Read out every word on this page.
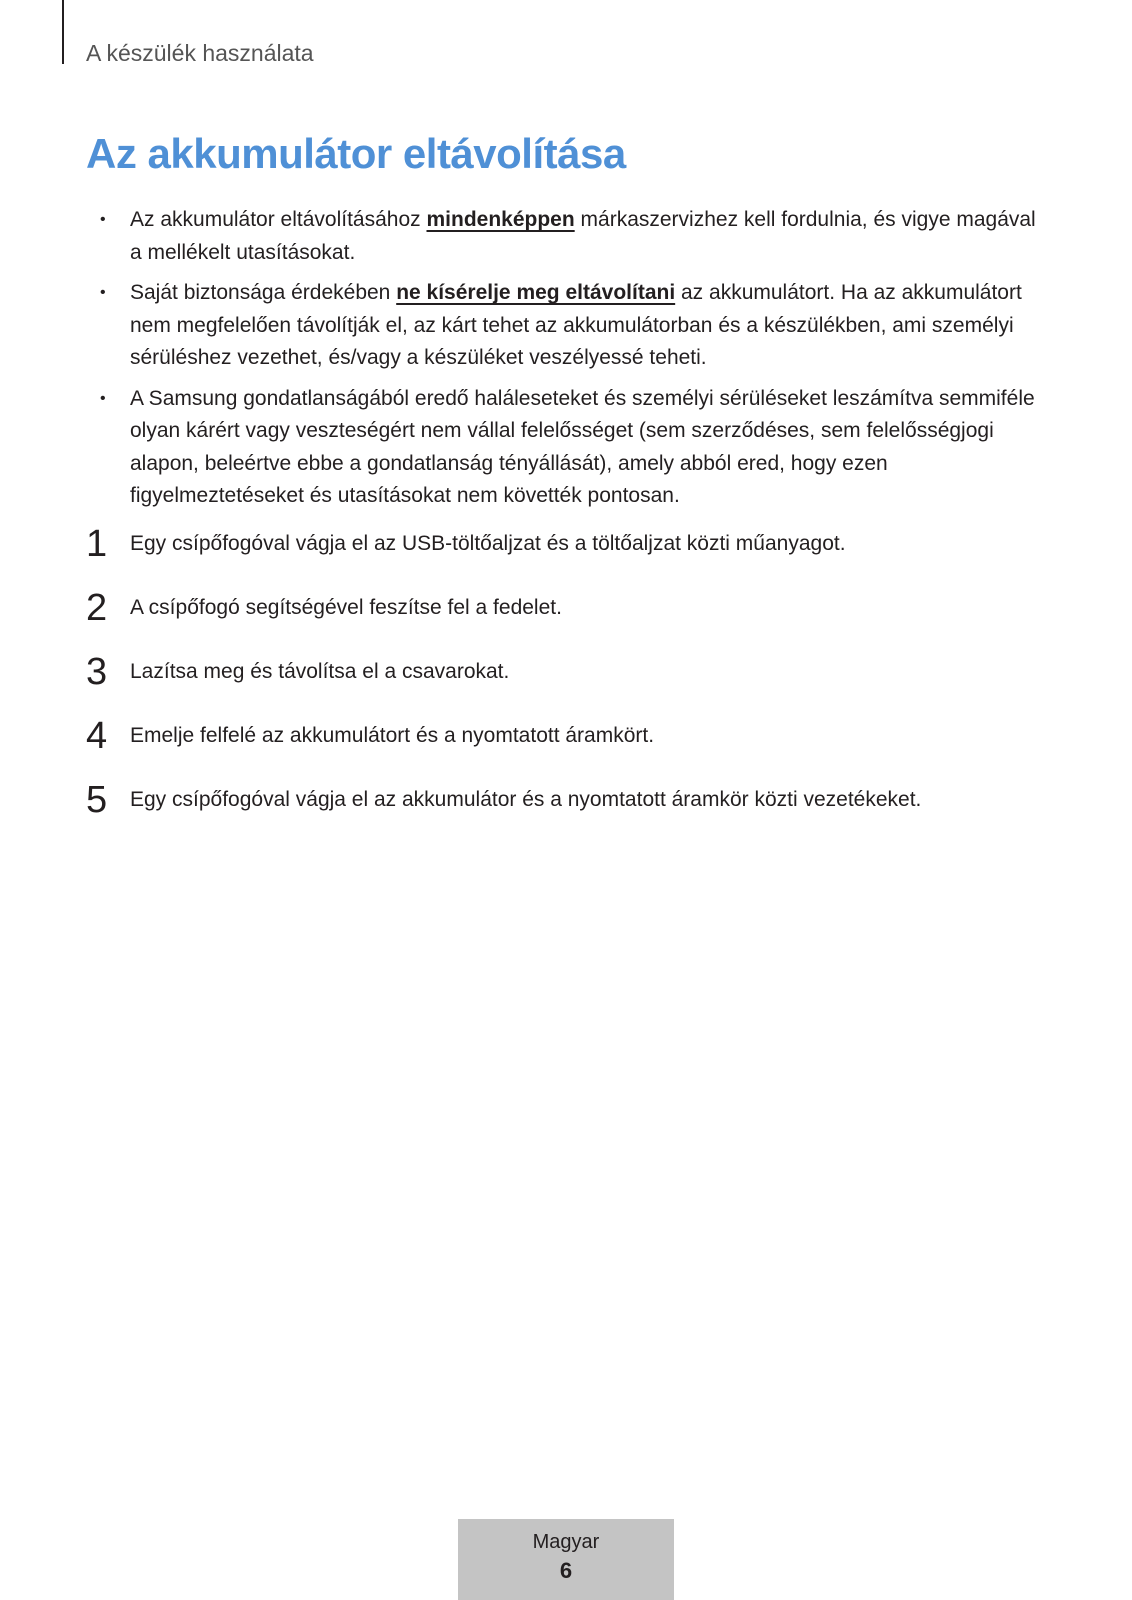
A készülék használata
Az akkumulátor eltávolítása
• Az akkumulátor eltávolításához mindenképpen márkaszervizhez kell fordulnia, és vigye magával a mellékelt utasításokat.
• Saját biztonsága érdekében ne kísérelje meg eltávolítani az akkumulátort. Ha az akkumulátort nem megfelelően távolítják el, az kárt tehet az akkumulátorban és a készülékben, ami személyi sérüléshez vezethet, és/vagy a készüléket veszélyessé teheti.
• A Samsung gondatlanságából eredő haláleseteket és személyi sérüléseket leszámítva semmiféle olyan kárért vagy veszteségért nem vállal felelősséget (sem szerződéses, sem felelősségjogi alapon, beleértve ebbe a gondatlanság tényállását), amely abból ered, hogy ezen figyelmeztetéseket és utasításokat nem követték pontosan.
1 Egy csípőfogóval vágja el az USB-töltőaljzat és a töltőaljzat közti műanyagot.
2 A csípőfogó segítségével feszítse fel a fedelet.
3 Lazítsa meg és távolítsa el a csavarokat.
4 Emelje felfelé az akkumulátort és a nyomtatott áramkört.
5 Egy csípőfogóval vágja el az akkumulátor és a nyomtatott áramkör közti vezetékeket.
Magyar
6
